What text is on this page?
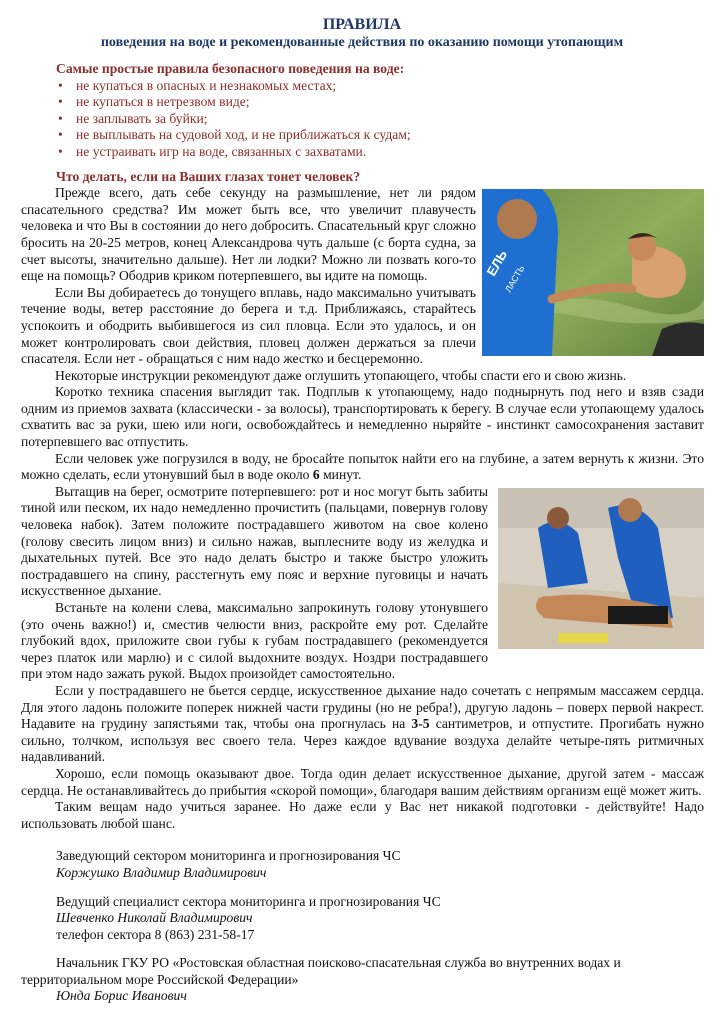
ПРАВИЛА
поведения на воде и рекомендованные действия по оказанию помощи утопающим
Самые простые правила безопасного поведения на воде:
• не купаться в опасных и незнакомых местах;
• не купаться в нетрезвом виде;
• не заплывать за буйки;
• не выплывать на судовой ход, и не приближаться к судам;
• не устраивать игр на воде, связанных с захватами.
Что делать, если на Ваших глазах тонет человек?
ЕЛЬ
ЛАСТЬ

Прежде всего, дать себе секунду на размышление, нет ли рядом спасательного средства? Им может быть все, что увеличит плавучесть человека и что Вы в состоянии до него добросить. Спасательный круг сложно бросить на 20-25 метров, конец Александрова чуть дальше (с борта судна, за счет высоты, значительно дальше). Нет ли лодки? Можно ли позвать кого-то еще на помощь? Ободрив криком потерпевшего, вы идите на помощь.

Если Вы добираетесь до тонущего вплавь, надо максимально учитывать течение воды, ветер расстояние до берега и т.д. Приближаясь, старайтесь успокоить и ободрить выбившегося из сил пловца. Если это удалось, и он может контролировать свои действия, пловец должен держаться за плечи спасателя. Если нет - обращаться с ним надо жестко и бесцеремонно.

Некоторые инструкции рекомендуют даже оглушить утопающего, чтобы спасти его и свою жизнь.

Коротко техника спасения выглядит так. Подплыв к утопающему, надо поднырнуть под него и взяв сзади одним из приемов захвата (классически - за волосы), транспортировать к берегу. В случае если утопающему удалось схватить вас за руки, шею или ноги, освобождайтесь и немедленно ныряйте - инстинкт самосохранения заставит потерпевшего вас отпустить.

Если человек уже погрузился в воду, не бросайте попыток найти его на глубине, а затем вернуть к жизни. Это можно сделать, если утонувший был в воде около 6 минут.

Вытащив на берег, осмотрите потерпевшего: рот и нос могут быть забиты тиной или песком, их надо немедленно прочистить (пальцами, повернув голову человека набок). Затем положите пострадавшего животом на свое колено (голову свесить лицом вниз) и сильно нажав, выплесните воду из желудка и дыхательных путей. Все это надо делать быстро и также быстро уложить пострадавшего на спину, расстегнуть ему пояс и верхние пуговицы и начать искусственное дыхание.

Встаньте на колени слева, максимально запрокинуть голову утонувшего (это очень важно!) и, сместив челюсти вниз, раскройте ему рот. Сделайте глубокий вдох, приложите свои губы к губам пострадавшего (рекомендуется через платок или марлю) и с силой выдохните воздух. Ноздри пострадавшего при этом надо зажать рукой. Выдох произойдет самостоятельно.

Если у пострадавшего не бьется сердце, искусственное дыхание надо сочетать с непрямым массажем сердца. Для этого ладонь положите поперек нижней части грудины (но не ребра!), другую ладонь – поверх первой накрест. Надавите на грудину запястьями так, чтобы она прогнулась на 3-5 сантиметров, и отпустите. Прогибать нужно сильно, толчком, используя вес своего тела. Через каждое вдувание воздуха делайте четыре-пять ритмичных надавливаний.

Хорошо, если помощь оказывают двое. Тогда один делает искусственное дыхание, другой затем - массаж сердца. Не останавливайтесь до прибытия «скорой помощи», благодаря вашим действиям организм ещё может жить.

Таким вещам надо учиться заранее. Но даже если у Вас нет никакой подготовки - действуйте! Надо использовать любой шанс.

Заведующий сектором мониторинга и прогнозирования ЧС
Коржушко Владимир Владимирович
Ведущий специалист сектора мониторинга и прогнозирования ЧС
Шевченко Николай Владимирович
телефон сектора 8 (863) 231-58-17
Начальник ГКУ РО «Ростовская областная поисково-спасательная служба во внутренних водах и территориальном море Российской Федерации»
Юнда Борис Иванович
